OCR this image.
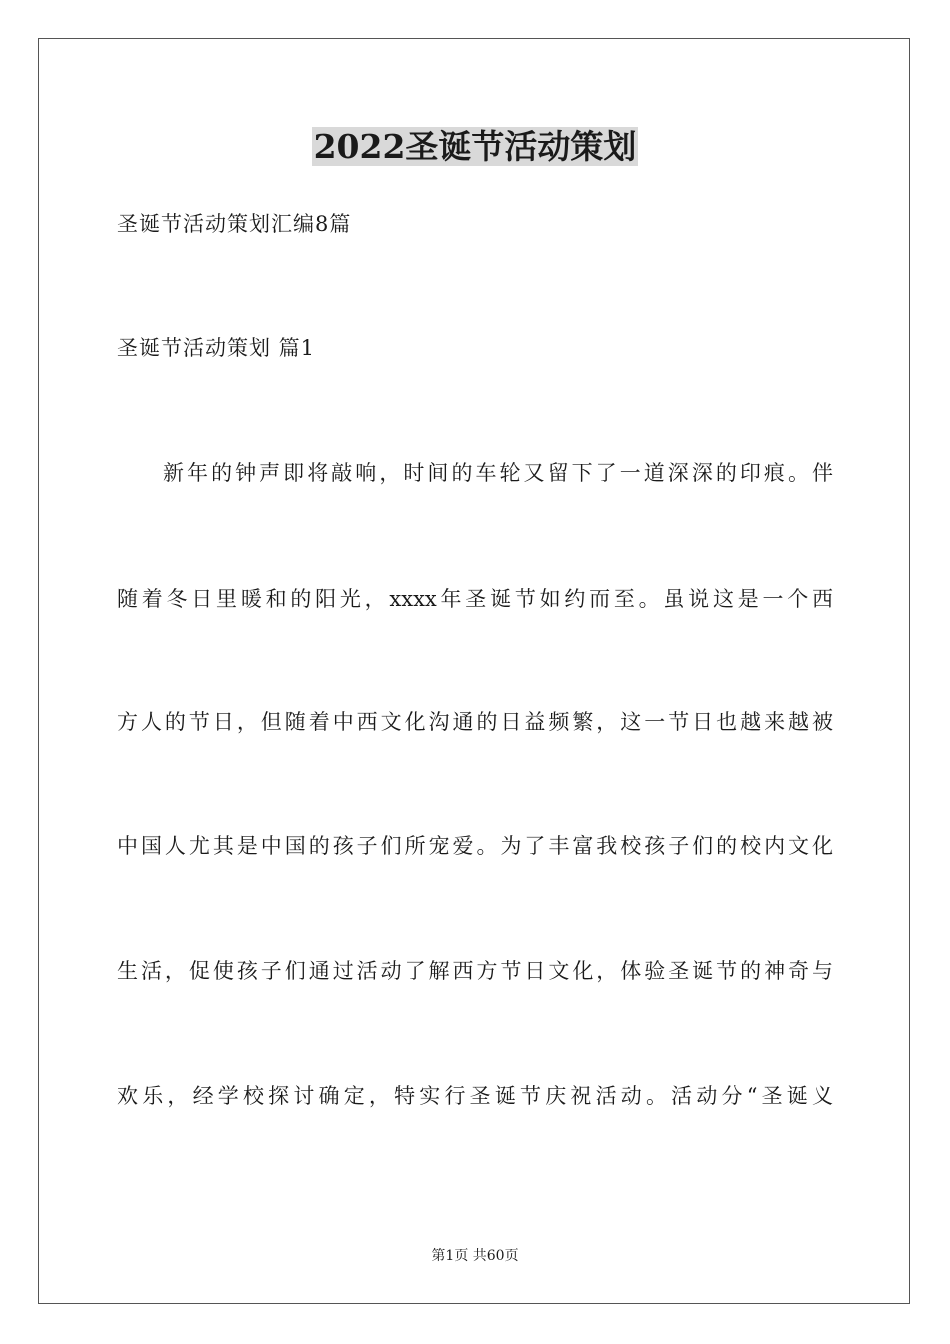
2022圣诞节活动策划
圣诞节活动策划汇编8篇
圣诞节活动策划 篇1
新年的钟声即将敲响，时间的车轮又留下了一道深深的印痕。伴
随着冬日里暖和的阳光，xxxx年圣诞节如约而至。虽说这是一个西
方人的节日，但随着中西文化沟通的日益频繁，这一节日也越来越被
中国人尤其是中国的孩子们所宠爱。为了丰富我校孩子们的校内文化
生活，促使孩子们通过活动了解西方节日文化，体验圣诞节的神奇与
欢乐，经学校探讨确定，特实行圣诞节庆祝活动。活动分“圣诞义
第1页 共60页
